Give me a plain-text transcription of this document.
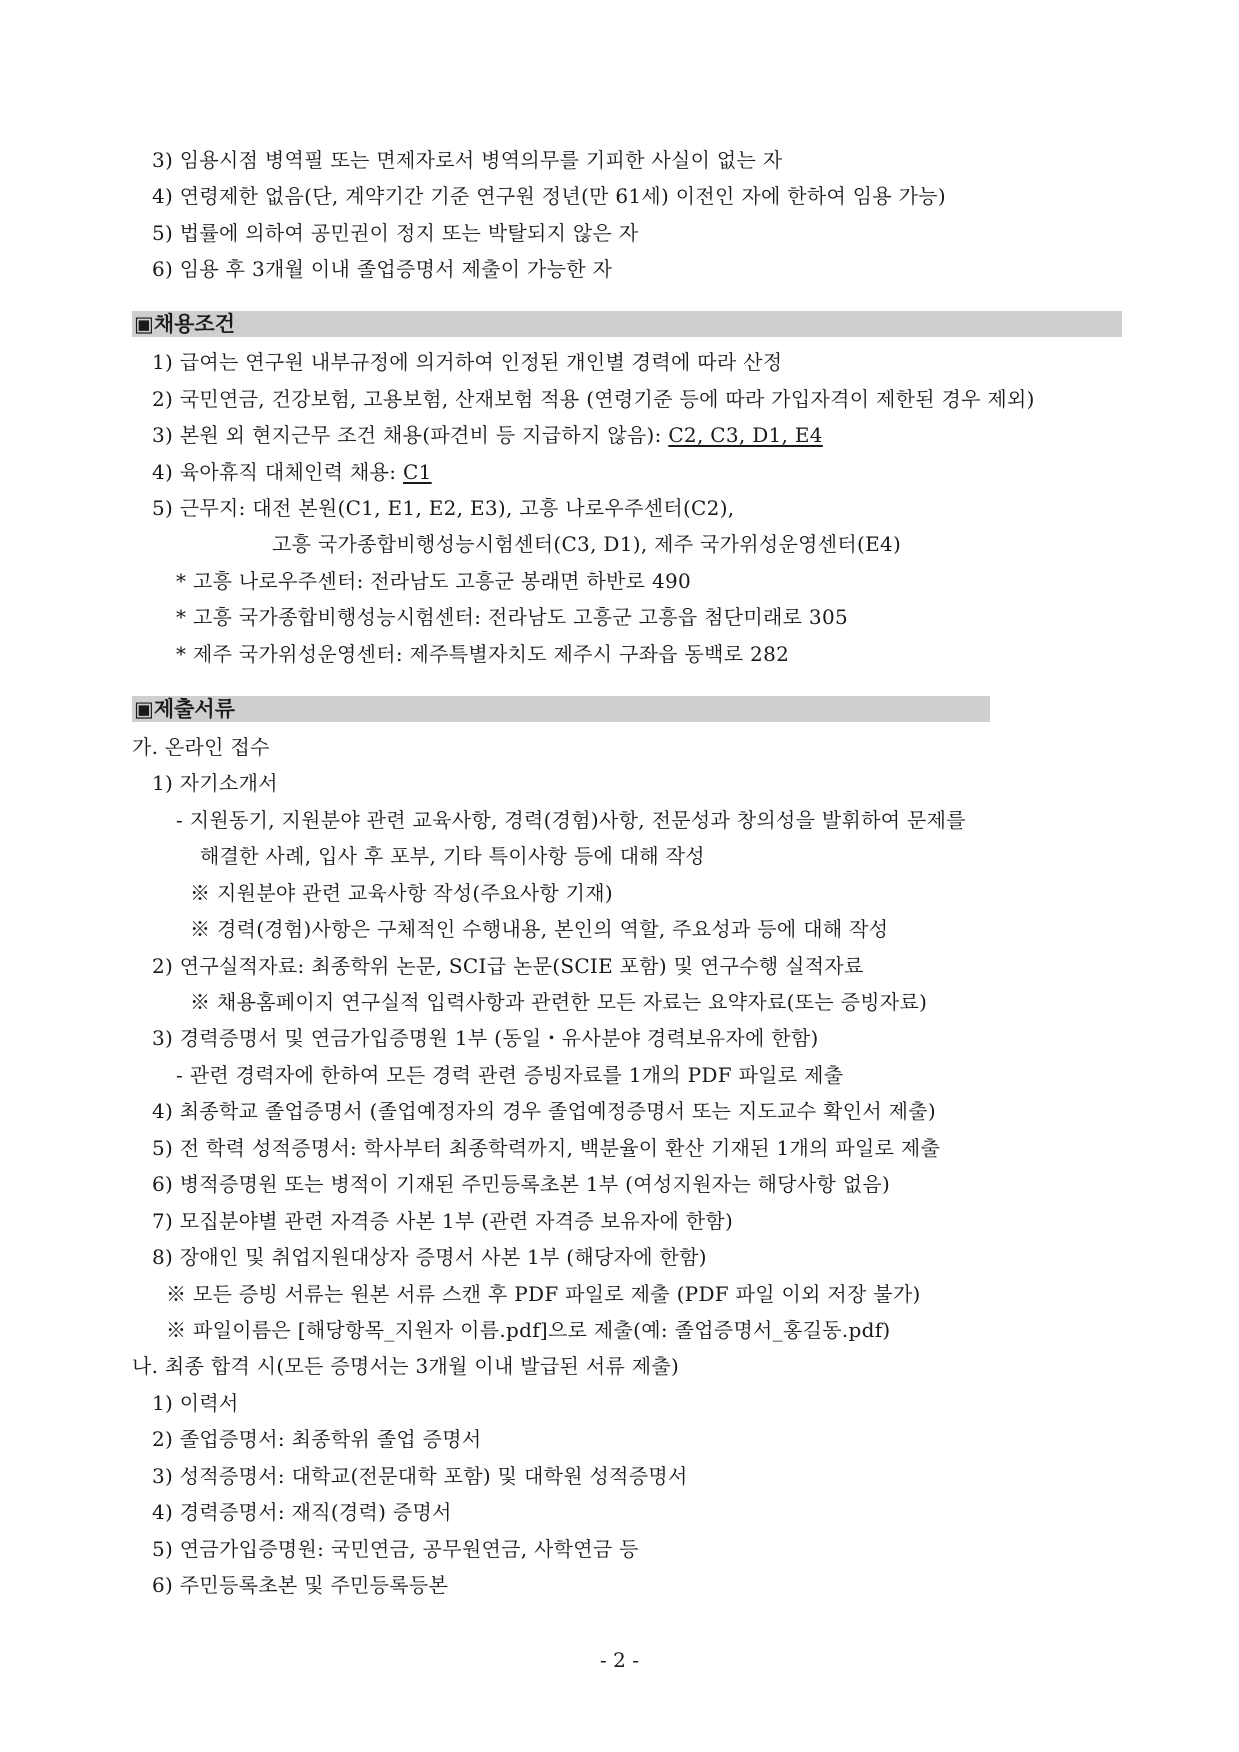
3) 임용시점 병역필 또는 면제자로서 병역의무를 기피한 사실이 없는 자
4) 연령제한 없음(단, 계약기간 기준 연구원 정년(만 61세) 이전인 자에 한하여 임용 가능)
5) 법률에 의하여 공민권이 정지 또는 박탈되지 않은 자
6) 임용 후 3개월 이내 졸업증명서 제출이 가능한 자
▣채용조건
1) 급여는 연구원 내부규정에 의거하여 인정된 개인별 경력에 따라 산정
2) 국민연금, 건강보험, 고용보험, 산재보험 적용 (연령기준 등에 따라 가입자격이 제한된 경우 제외)
3) 본원 외 현지근무 조건 채용(파견비 등 지급하지 않음): C2, C3, D1, E4
4) 육아휴직 대체인력 채용: C1
5) 근무지: 대전 본원(C1, E1, E2, E3), 고흥 나로우주센터(C2),
고흥 국가종합비행성능시험센터(C3, D1), 제주 국가위성운영센터(E4)
* 고흥 나로우주센터: 전라남도 고흥군 봉래면 하반로 490
* 고흥 국가종합비행성능시험센터: 전라남도 고흥군 고흥읍 첨단미래로 305
* 제주 국가위성운영센터: 제주특별자치도 제주시 구좌읍 동백로 282
▣제출서류
가. 온라인 접수
1) 자기소개서
- 지원동기, 지원분야 관련 교육사항, 경력(경험)사항, 전문성과 창의성을 발휘하여 문제를
해결한 사례, 입사 후 포부, 기타 특이사항 등에 대해 작성
※ 지원분야 관련 교육사항 작성(주요사항 기재)
※ 경력(경험)사항은 구체적인 수행내용, 본인의 역할, 주요성과 등에 대해 작성
2) 연구실적자료: 최종학위 논문, SCI급 논문(SCIE 포함) 및 연구수행 실적자료
※ 채용홈페이지 연구실적 입력사항과 관련한 모든 자료는 요약자료(또는 증빙자료)
3) 경력증명서 및 연금가입증명원 1부 (동일・유사분야 경력보유자에 한함)
- 관련 경력자에 한하여 모든 경력 관련 증빙자료를 1개의 PDF 파일로 제출
4) 최종학교 졸업증명서 (졸업예정자의 경우 졸업예정증명서 또는 지도교수 확인서 제출)
5) 전 학력 성적증명서: 학사부터 최종학력까지, 백분율이 환산 기재된 1개의 파일로 제출
6) 병적증명원 또는 병적이 기재된 주민등록초본 1부 (여성지원자는 해당사항 없음)
7) 모집분야별 관련 자격증 사본 1부 (관련 자격증 보유자에 한함)
8) 장애인 및 취업지원대상자 증명서 사본 1부 (해당자에 한함)
※ 모든 증빙 서류는 원본 서류 스캔 후 PDF 파일로 제출 (PDF 파일 이외 저장 불가)
※ 파일이름은 [해당항목_지원자 이름.pdf]으로 제출(예: 졸업증명서_홍길동.pdf)
나. 최종 합격 시(모든 증명서는 3개월 이내 발급된 서류 제출)
1) 이력서
2) 졸업증명서: 최종학위 졸업 증명서
3) 성적증명서: 대학교(전문대학 포함) 및 대학원 성적증명서
4) 경력증명서: 재직(경력) 증명서
5) 연금가입증명원: 국민연금, 공무원연금, 사학연금 등
6) 주민등록초본 및 주민등록등본
- 2 -
